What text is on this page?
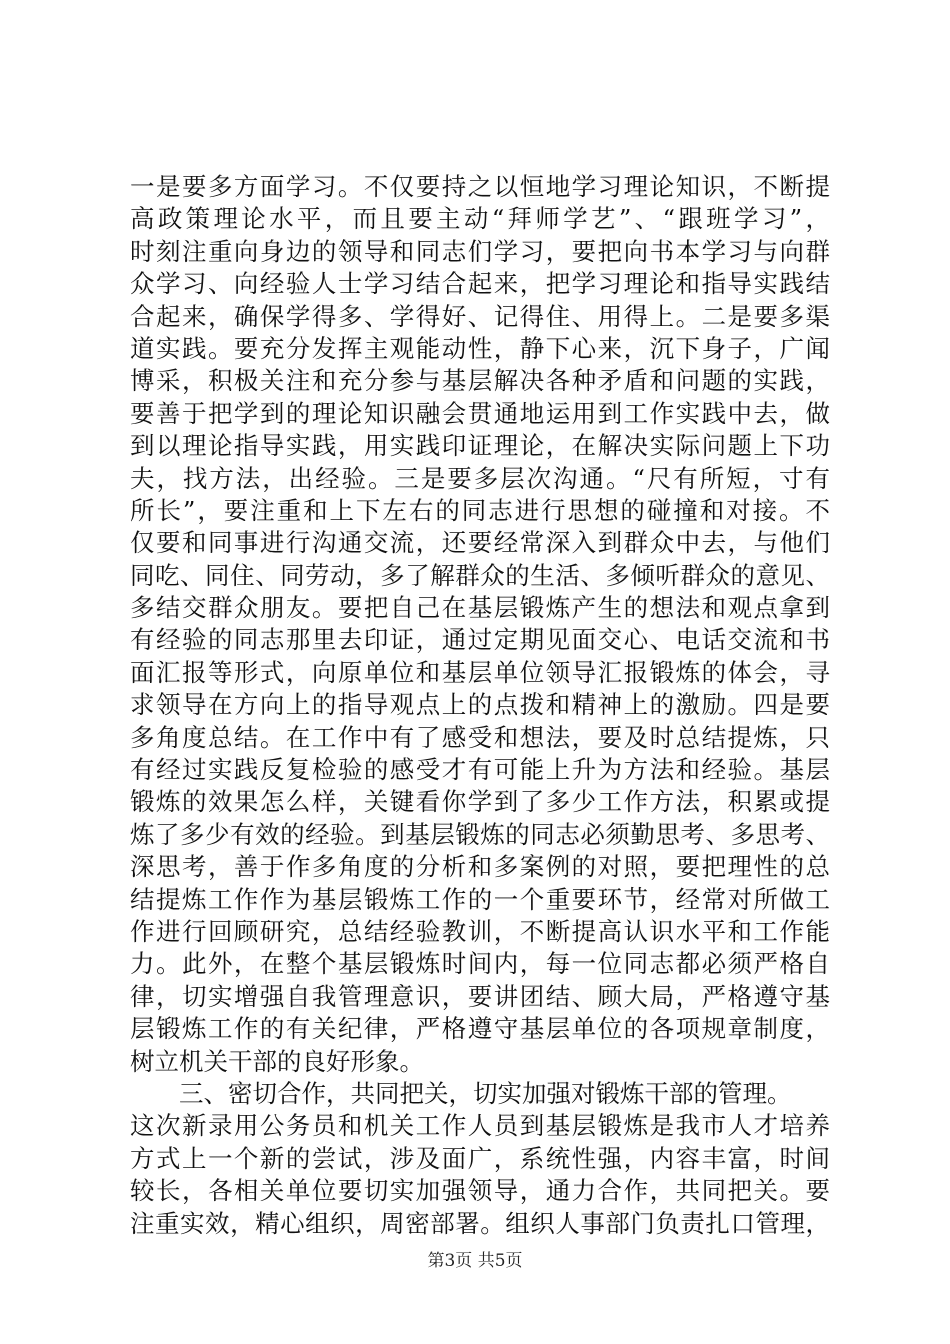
一是要多方面学习。不仅要持之以恒地学习理论知识，不断提
高政策理论水平，而且要主动“拜师学艺”、“跟班学习”，
时刻注重向身边的领导和同志们学习，要把向书本学习与向群
众学习、向经验人士学习结合起来，把学习理论和指导实践结
合起来，确保学得多、学得好、记得住、用得上。二是要多渠
道实践。要充分发挥主观能动性，静下心来，沉下身子，广闻
博采，积极关注和充分参与基层解决各种矛盾和问题的实践，
要善于把学到的理论知识融会贯通地运用到工作实践中去，做
到以理论指导实践，用实践印证理论，在解决实际问题上下功
夫，找方法，出经验。三是要多层次沟通。“尺有所短，寸有
所长”，要注重和上下左右的同志进行思想的碰撞和对接。不
仅要和同事进行沟通交流，还要经常深入到群众中去，与他们
同吃、同住、同劳动，多了解群众的生活、多倾听群众的意见、
多结交群众朋友。要把自己在基层锻炼产生的想法和观点拿到
有经验的同志那里去印证，通过定期见面交心、电话交流和书
面汇报等形式，向原单位和基层单位领导汇报锻炼的体会，寻
求领导在方向上的指导观点上的点拨和精神上的激励。四是要
多角度总结。在工作中有了感受和想法，要及时总结提炼，只
有经过实践反复检验的感受才有可能上升为方法和经验。基层
锻炼的效果怎么样，关键看你学到了多少工作方法，积累或提
炼了多少有效的经验。到基层锻炼的同志必须勤思考、多思考、
深思考，善于作多角度的分析和多案例的对照，要把理性的总
结提炼工作作为基层锻炼工作的一个重要环节，经常对所做工
作进行回顾研究，总结经验教训，不断提高认识水平和工作能
力。此外，在整个基层锻炼时间内，每一位同志都必须严格自
律，切实增强自我管理意识，要讲团结、顾大局，严格遵守基
层锻炼工作的有关纪律，严格遵守基层单位的各项规章制度，
树立机关干部的良好形象。
三、密切合作，共同把关，切实加强对锻炼干部的管理。
这次新录用公务员和机关工作人员到基层锻炼是我市人才培养
方式上一个新的尝试，涉及面广，系统性强，内容丰富，时间
较长，各相关单位要切实加强领导，通力合作，共同把关。要
注重实效，精心组织，周密部署。组织人事部门负责扎口管理，
第3页 共5页
